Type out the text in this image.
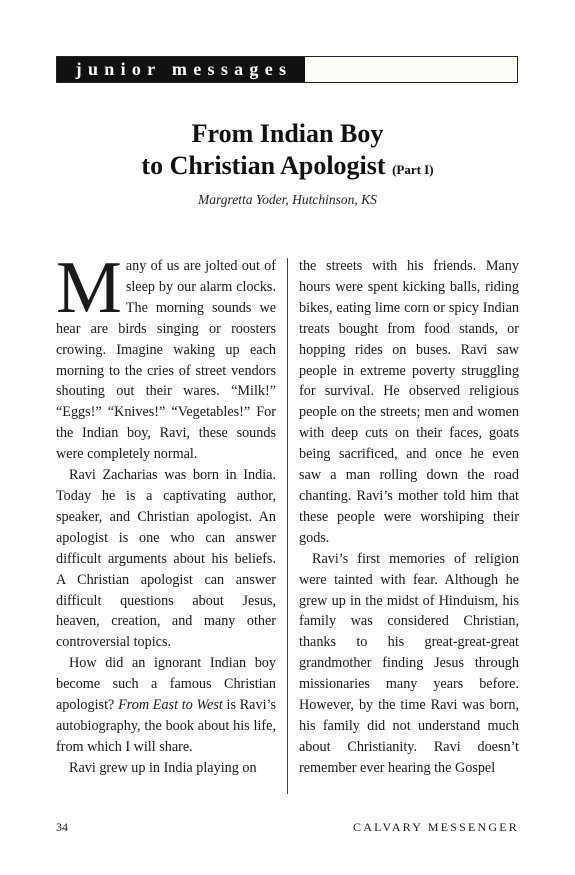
junior messages
From Indian Boy
to Christian Apologist (Part I)
Margretta Yoder, Hutchinson, KS

Many of us are jolted out of sleep by our alarm clocks. The morning sounds we hear are birds singing or roosters crowing. Imagine waking up each morning to the cries of street vendors shouting out their wares. “Milk!” “Eggs!” “Knives!” “Vegetables!” For the Indian boy, Ravi, these sounds were completely normal.

Ravi Zacharias was born in India. Today he is a captivating author, speaker, and Christian apologist. An apologist is one who can answer difficult arguments about his beliefs. A Christian apologist can answer difficult questions about Jesus, heaven, creation, and many other controversial topics.

How did an ignorant Indian boy become such a famous Christian apologist? From East to West is Ravi’s autobiography, the book about his life, from which I will share.

Ravi grew up in India playing on

the streets with his friends. Many hours were spent kicking balls, riding bikes, eating lime corn or spicy Indian treats bought from food stands, or hopping rides on buses. Ravi saw people in extreme poverty struggling for survival. He observed religious people on the streets; men and women with deep cuts on their faces, goats being sacrificed, and once he even saw a man rolling down the road chanting. Ravi’s mother told him that these people were worshiping their gods.

Ravi’s first memories of religion were tainted with fear. Although he grew up in the midst of Hinduism, his family was considered Christian, thanks to his great-great-great grandmother finding Jesus through missionaries many years before. However, by the time Ravi was born, his family did not understand much about Christianity. Ravi doesn’t remember ever hearing the Gospel

34	CALVARY MESSENGER
